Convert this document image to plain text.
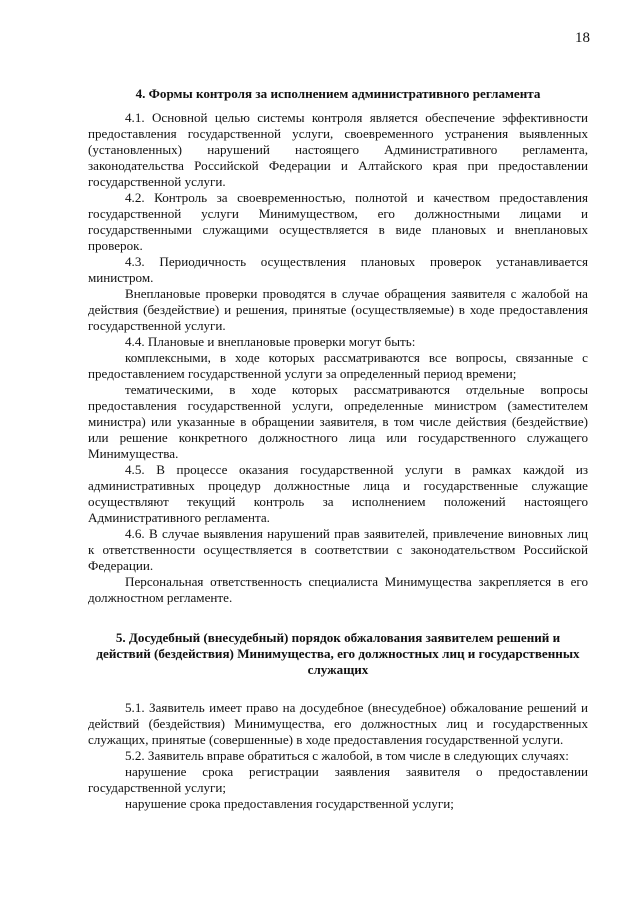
18

4. Формы контроля за исполнением административного регламента

4.1. Основной целью системы контроля является обеспечение эффективности предоставления государственной услуги, своевременного устранения выявленных (установленных) нарушений настоящего Административного регламента, законодательства Российской Федерации и Алтайского края при предоставлении государственной услуги.

4.2. Контроль за своевременностью, полнотой и качеством предоставления государственной услуги Минимуществом, его должностными лицами и государственными служащими осуществляется в виде плановых и внеплановых проверок.

4.3. Периодичность осуществления плановых проверок устанавливается министром.

Внеплановые проверки проводятся в случае обращения заявителя с жалобой на действия (бездействие) и решения, принятые (осуществляемые) в ходе предоставления государственной услуги.

4.4. Плановые и внеплановые проверки могут быть:

комплексными, в ходе которых рассматриваются все вопросы, связанные с предоставлением государственной услуги за определенный период времени;

тематическими, в ходе которых рассматриваются отдельные вопросы предоставления государственной услуги, определенные министром (заместителем министра) или указанные в обращении заявителя, в том числе действия (бездействие) или решение конкретного должностного лица или государственного служащего Минимущества.

4.5. В процессе оказания государственной услуги в рамках каждой из административных процедур должностные лица и государственные служащие осуществляют текущий контроль за исполнением положений настоящего Административного регламента.

4.6. В случае выявления нарушений прав заявителей, привлечение виновных лиц к ответственности осуществляется в соответствии с законодательством Российской Федерации.

Персональная ответственность специалиста Минимущества закрепляется в его должностном регламенте.

5. Досудебный (внесудебный) порядок обжалования заявителем решений и действий (бездействия) Минимущества, его должностных лиц и государственных служащих

5.1. Заявитель имеет право на досудебное (внесудебное) обжалование решений и действий (бездействия) Минимущества, его должностных лиц и государственных служащих, принятые (совершенные) в ходе предоставления государственной услуги.

5.2. Заявитель вправе обратиться с жалобой, в том числе в следующих случаях:

нарушение срока регистрации заявления заявителя о предоставлении государственной услуги;

нарушение срока предоставления государственной услуги;
